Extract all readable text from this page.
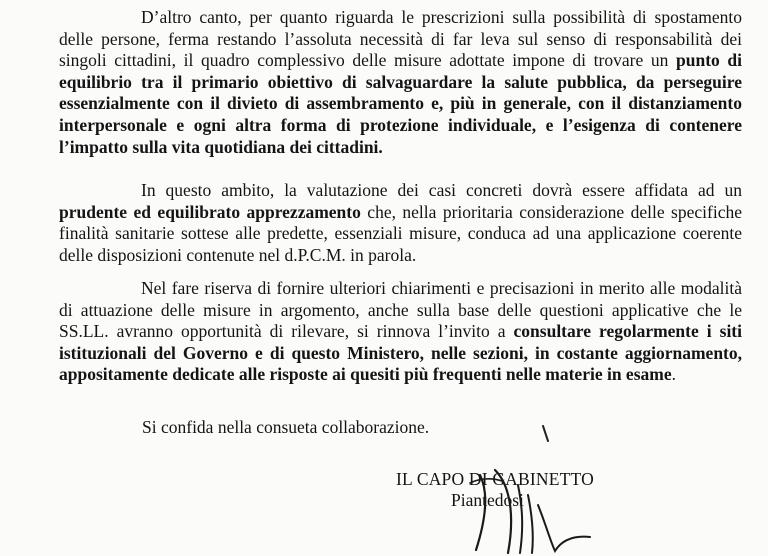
D’altro canto, per quanto riguarda le prescrizioni sulla possibilità di spostamento delle persone, ferma restando l’assoluta necessità di far leva sul senso di responsabilità dei singoli cittadini, il quadro complessivo delle misure adottate impone di trovare un punto di equilibrio tra il primario obiettivo di salvaguardare la salute pubblica, da perseguire essenzialmente con il divieto di assembramento e, più in generale, con il distanziamento interpersonale e ogni altra forma di protezione individuale, e l’esigenza di contenere l’impatto sulla vita quotidiana dei cittadini.

In questo ambito, la valutazione dei casi concreti dovrà essere affidata ad un prudente ed equilibrato apprezzamento che, nella prioritaria considerazione delle specifiche finalità sanitarie sottese alle predette, essenziali misure, conduca ad una applicazione coerente delle disposizioni contenute nel d.P.C.M. in parola.

Nel fare riserva di fornire ulteriori chiarimenti e precisazioni in merito alle modalità di attuazione delle misure in argomento, anche sulla base delle questioni applicative che le SS.LL. avranno opportunità di rilevare, si rinnova l’invito a consultare regolarmente i siti istituzionali del Governo e di questo Ministero, nelle sezioni, in costante aggiornamento, appositamente dedicate alle risposte ai quesiti più frequenti nelle materie in esame.

Si confida nella consueta collaborazione.

IL CAPO DI GABINETTO

Piantedosi
